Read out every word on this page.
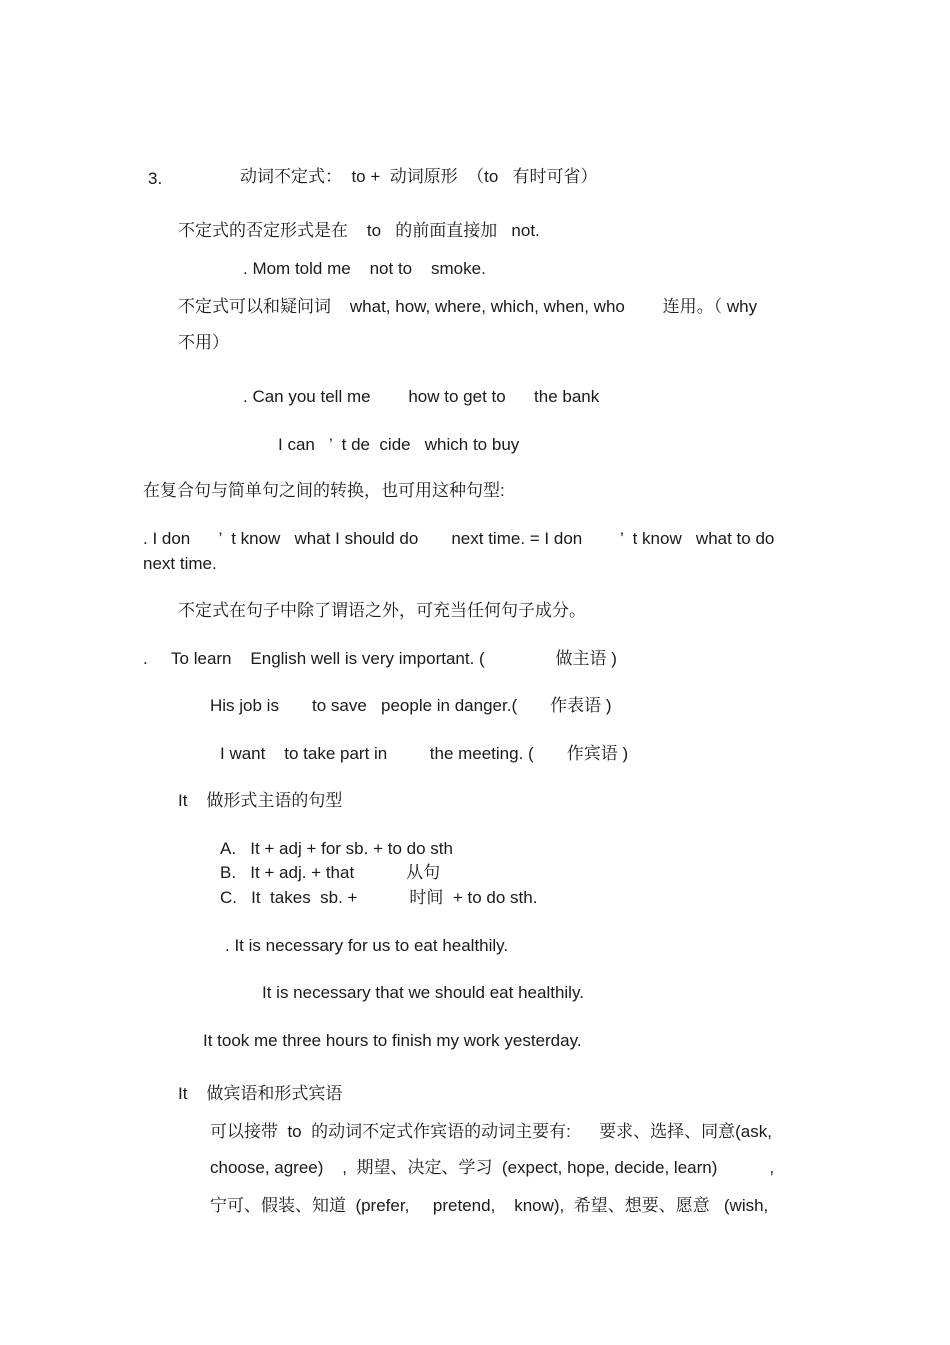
3.	动词不定式：  to +  动词原形  （to   有时可省）
不定式的否定形式是在    to   的前面直接加   not.
. Mom told me    not to    smoke.
不定式可以和疑问词    what, how, where, which, when, who        连用。（ why
不用）
. Can you tell me        how to get to      the bank
I can   ’  t de  cide   which to buy
在复合句与简单句之间的转换，也可用这种句型:
. I don      ’  t know   what I should do       next time. = I don        ’  t know   what to do
next time.
不定式在句子中除了谓语之外，可充当任何句子成分。
.     To learn    English well is very important. (               做主语 )
His job is       to save   people in danger.(       作表语 )
I want    to take part in         the meeting. (       作宾语 )
It    做形式主语的句型
A.   It + adj + for sb. + to do sth
B.   It + adj. + that           从句
C.   It  takes  sb. +           时间  + to do sth.
. It is necessary for us to eat healthily.
It is necessary that we should eat healthily.
It took me three hours to finish my work yesterday.
It    做宾语和形式宾语
可以接带  to  的动词不定式作宾语的动词主要有:      要求、选择、同意(ask,
choose, agree)    ,  期望、决定、学习  (expect, hope, decide, learn)           ,
宁可、假装、知道  (prefer,     pretend,    know),  希望、想要、愿意   (wish,
